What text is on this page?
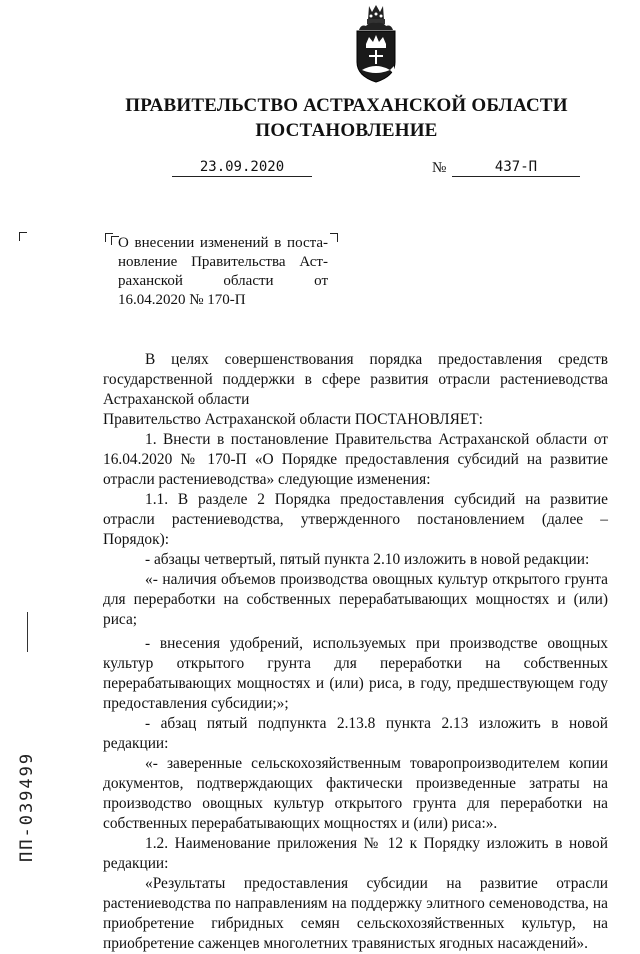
ПРАВИТЕЛЬСТВО АСТРАХАНСКОЙ ОБЛАСТИ
ПОСТАНОВЛЕНИЕ
23.09.2020	№	437-П
О внесении изменений в поста-
новление Правительства Аст-
раханской области от
16.04.2020 № 170-П

В целях совершенствования порядка предоставления средств государственной поддержки в сфере развития отрасли растениеводства Астраханской области

Правительство Астраханской области ПОСТАНОВЛЯЕТ:

1. Внести в постановление Правительства Астраханской области от 16.04.2020 № 170-П «О Порядке предоставления субсидий на развитие отрасли растениеводства» следующие изменения:

1.1. В разделе 2 Порядка предоставления субсидий на развитие отрасли растениеводства, утвержденного постановлением (далее – Порядок):

- абзацы четвертый, пятый пункта 2.10 изложить в новой редакции:

«- наличия объемов производства овощных культур открытого грунта для переработки на собственных перерабатывающих мощностях и (или) риса;

- внесения удобрений, используемых при производстве овощных культур открытого грунта для переработки на собственных перерабатывающих мощностях и (или) риса, в году, предшествующем году предоставления субсидии;»;

- абзац пятый подпункта 2.13.8 пункта 2.13 изложить в новой редакции:

«- заверенные сельскохозяйственным товаропроизводителем копии документов, подтверждающих фактически произведенные затраты на производство овощных культур открытого грунта для переработки на собственных перерабатывающих мощностях и (или) риса:».

1.2. Наименование приложения № 12 к Порядку изложить в новой редакции:

«Результаты предоставления субсидии на развитие отрасли растениеводства по направлениям на поддержку элитного семеноводства, на приобретение гибридных семян сельскохозяйственных культур, на приобретение саженцев многолетних травянистых ягодных насаждений».

ПП-039499
